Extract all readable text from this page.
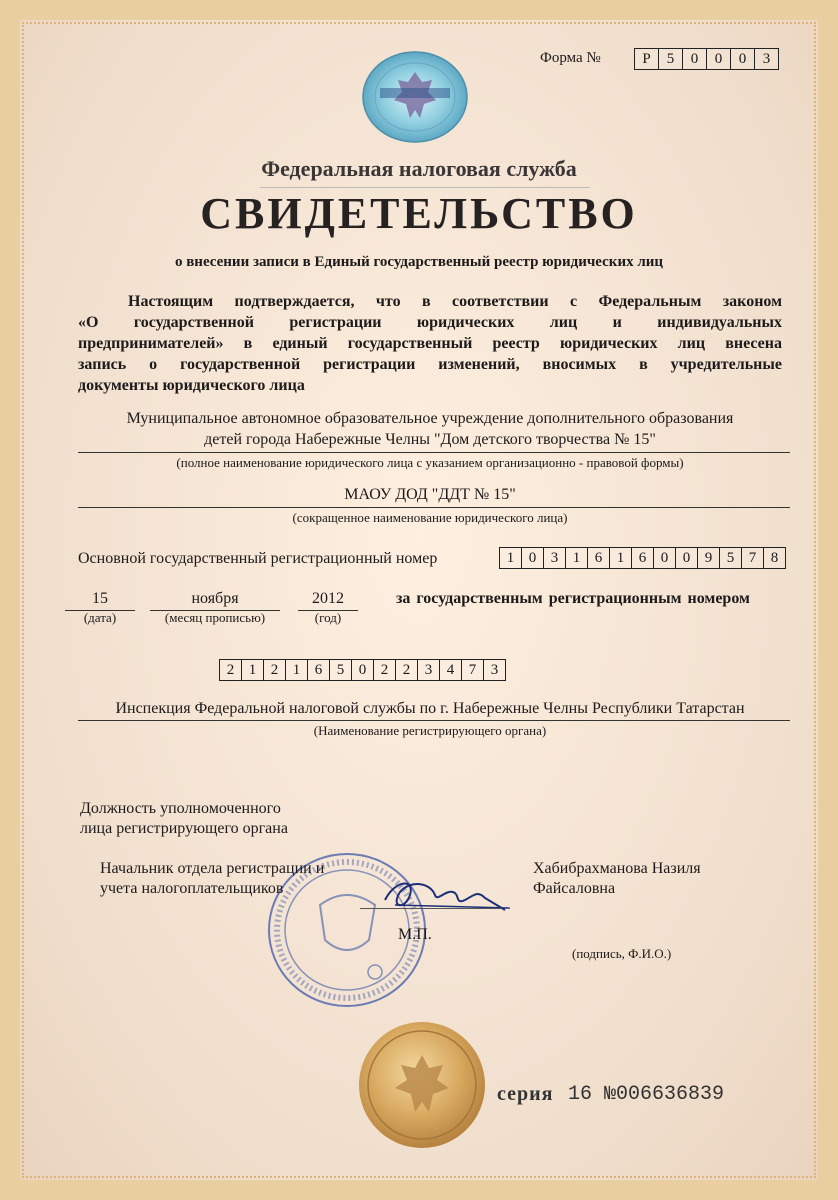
Форма №	Р	5	0	0	0	3
Федеральная налоговая служба
СВИДЕТЕЛЬСТВО
о внесении записи в Единый государственный реестр юридических лиц
Настоящим подтверждается, что в соответствии с Федеральным законом
«О государственной регистрации юридических лиц и индивидуальных
предпринимателей» в единый государственный реестр юридических лиц внесена
запись о государственной регистрации изменений, вносимых в учредительные
документы юридического лица
Муниципальное автономное образовательное учреждение дополнительного образования
детей города Набережные Челны "Дом детского творчества № 15"
(полное наименование юридического лица с указанием организационно - правовой формы)
МАОУ ДОД "ДДТ № 15"
(сокращенное наименование юридического лица)
Основной государственный регистрационный номер	1 0 3 1 6 1 6 0 0 9 5 7 8
15
(дата)
ноября
(месяц прописью)
2012
(год)
за государственным регистрационным номером
2 1 2 1 6 5 0 2 2 3 4 7 3
Инспекция Федеральной налоговой службы по г. Набережные Челны Республики Татарстан
(Наименование регистрирующего органа)
Должность уполномоченного
лица регистрирующего органа
Начальник отдела регистрации и
учета налогоплательщиков
Хабибрахманова Назиля
Файсаловна
М.П.
(подпись, Ф.И.О.)
серия 16 №006636839
